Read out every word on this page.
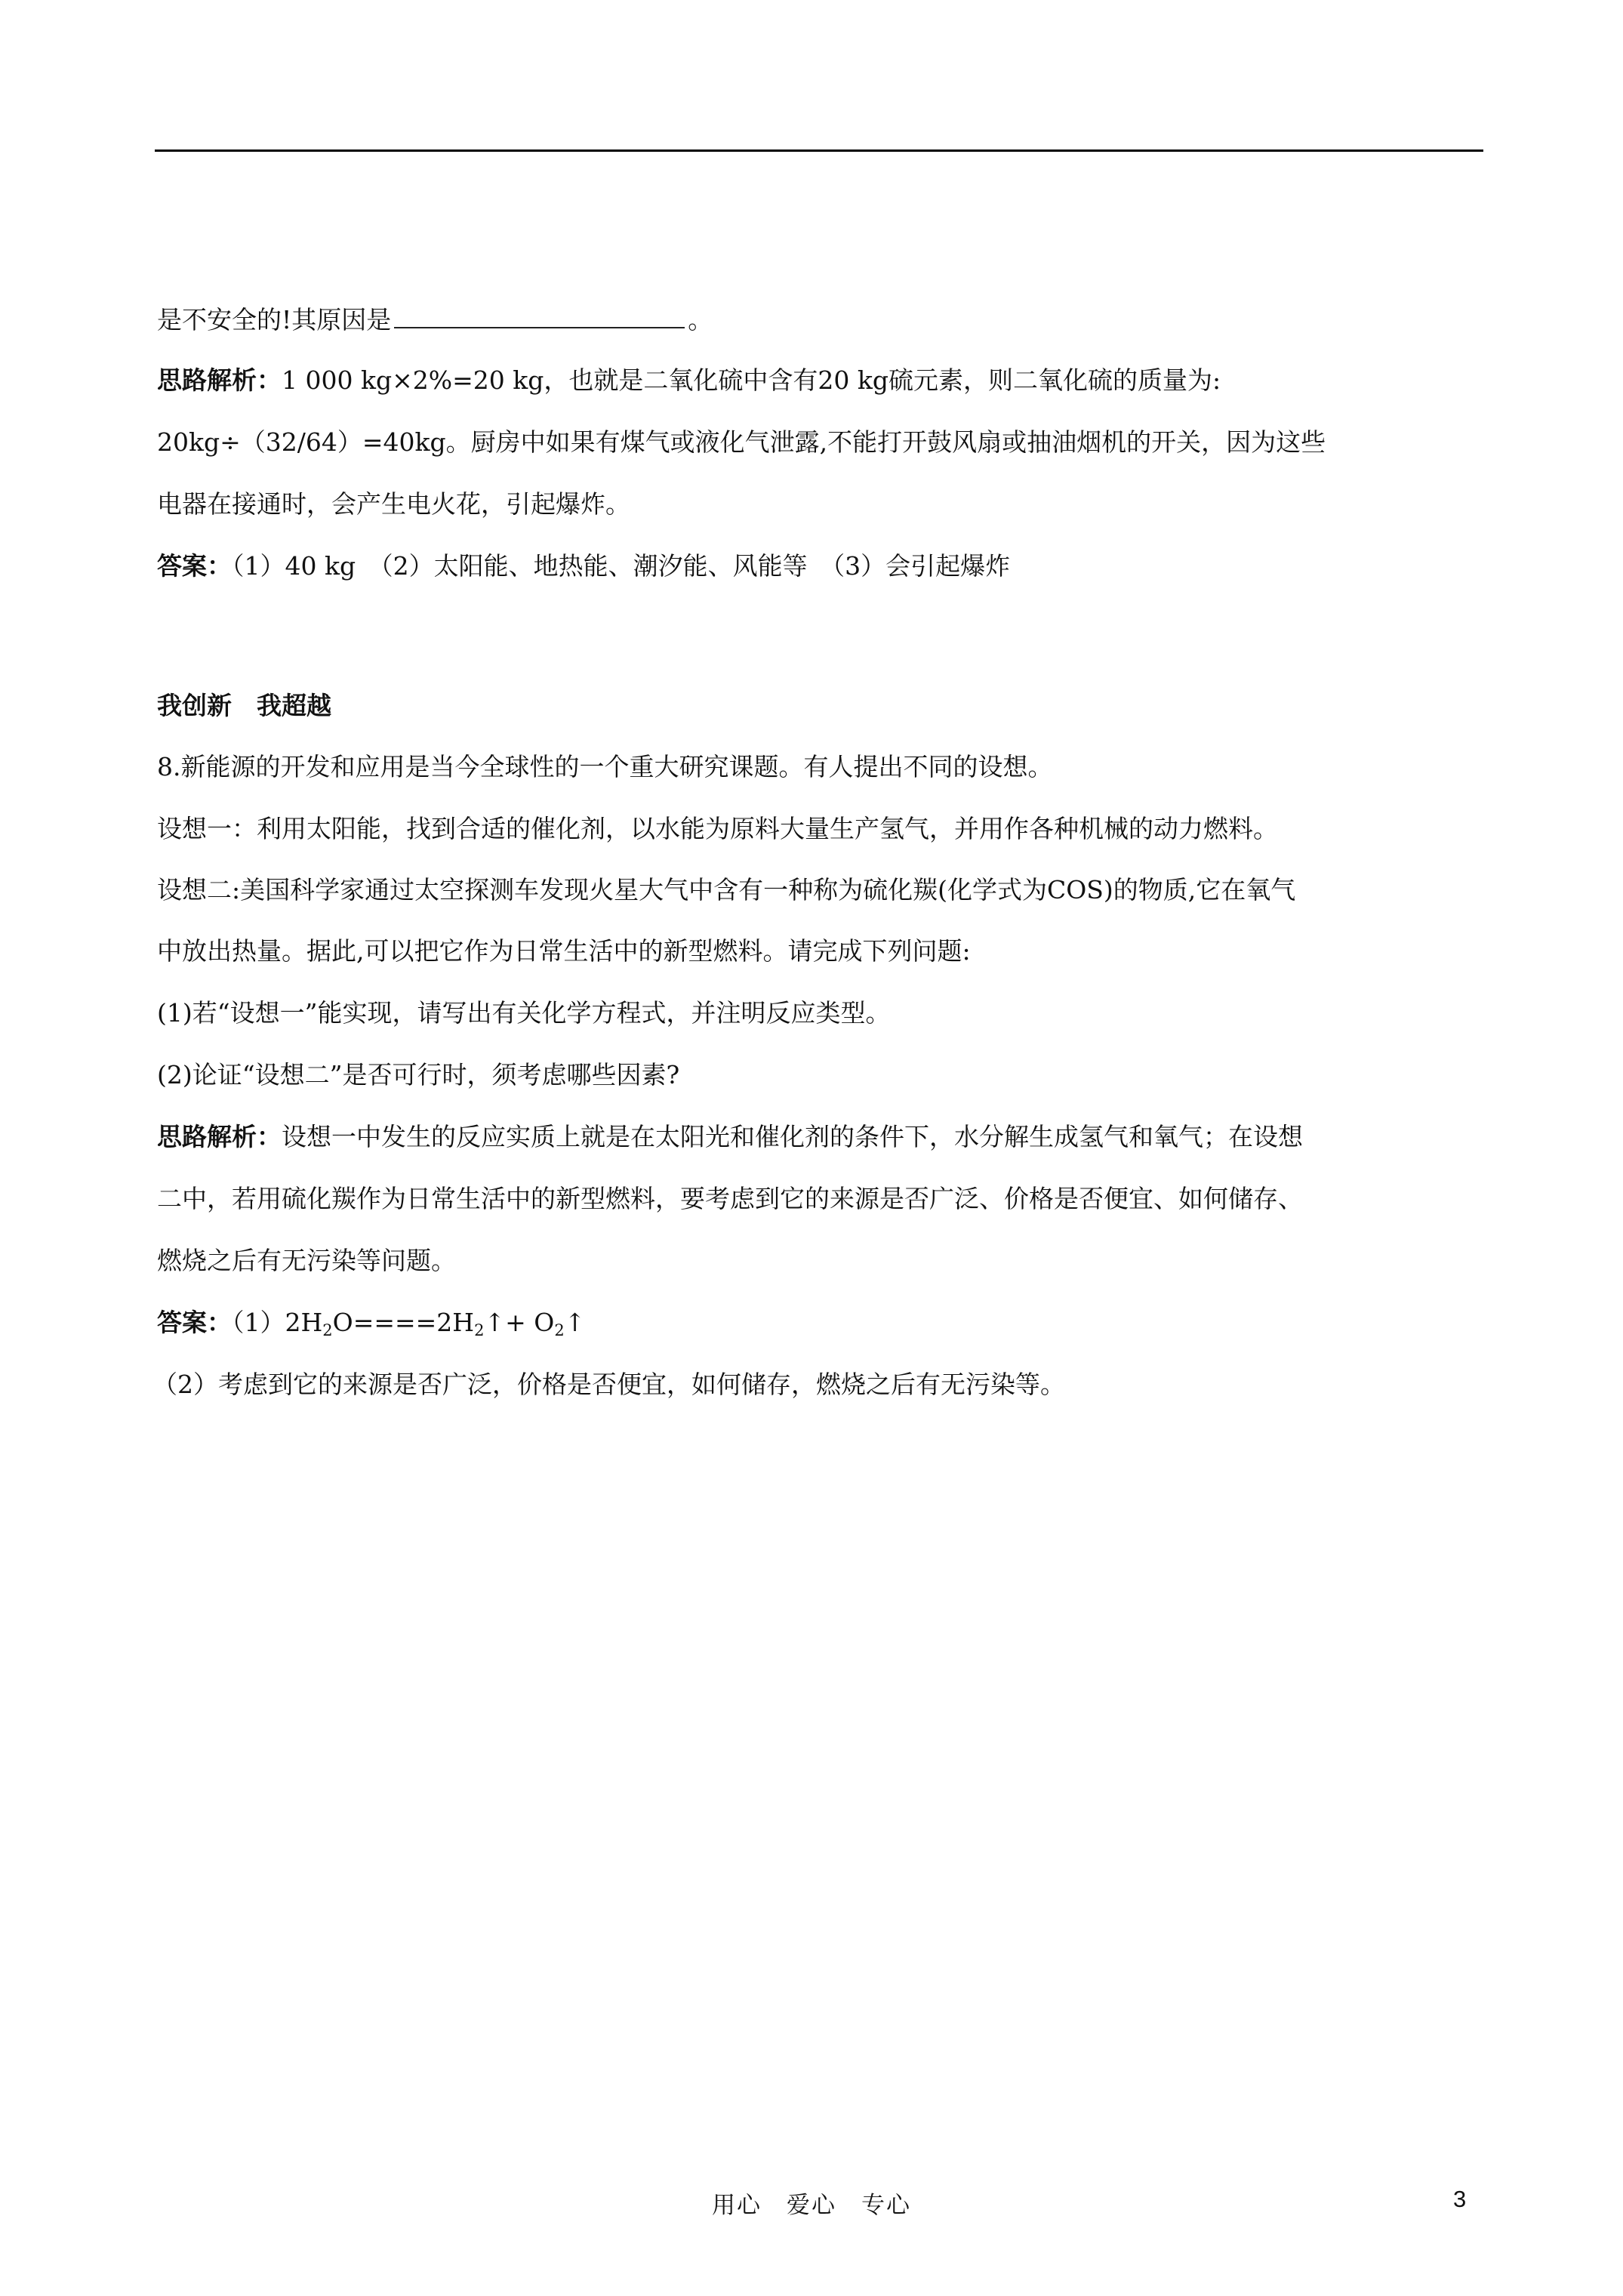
是不安全的!其原因是	。
思路解析：1 000 kg×2%=20 kg，也就是二氧化硫中含有20 kg硫元素，则二氧化硫的质量为:
20kg÷（32/64）=40kg。厨房中如果有煤气或液化气泄露,不能打开鼓风扇或抽油烟机的开关，因为这些
电器在接通时，会产生电火花，引起爆炸。
答案：（1）40 kg　（2）太阳能、地热能、潮汐能、风能等　（3）会引起爆炸
我创新　我超越
8.新能源的开发和应用是当今全球性的一个重大研究课题。有人提出不同的设想。
设想一：利用太阳能，找到合适的催化剂，以水能为原料大量生产氢气，并用作各种机械的动力燃料。
设想二:美国科学家通过太空探测车发现火星大气中含有一种称为硫化羰(化学式为COS)的物质,它在氧气
中放出热量。据此,可以把它作为日常生活中的新型燃料。请完成下列问题:
(1)若“设想一”能实现，请写出有关化学方程式，并注明反应类型。
(2)论证“设想二”是否可行时，须考虑哪些因素?
思路解析：设想一中发生的反应实质上就是在太阳光和催化剂的条件下，水分解生成氢气和氧气；在设想
二中，若用硫化羰作为日常生活中的新型燃料，要考虑到它的来源是否广泛、价格是否便宜、如何储存、
燃烧之后有无污染等问题。
答案：$(1)2H_2O====2H_2↑+$ $O_2↑$
（2）考虑到它的来源是否广泛，价格是否便宜，如何储存，燃烧之后有无污染等。
用心　爱心　专心	3
